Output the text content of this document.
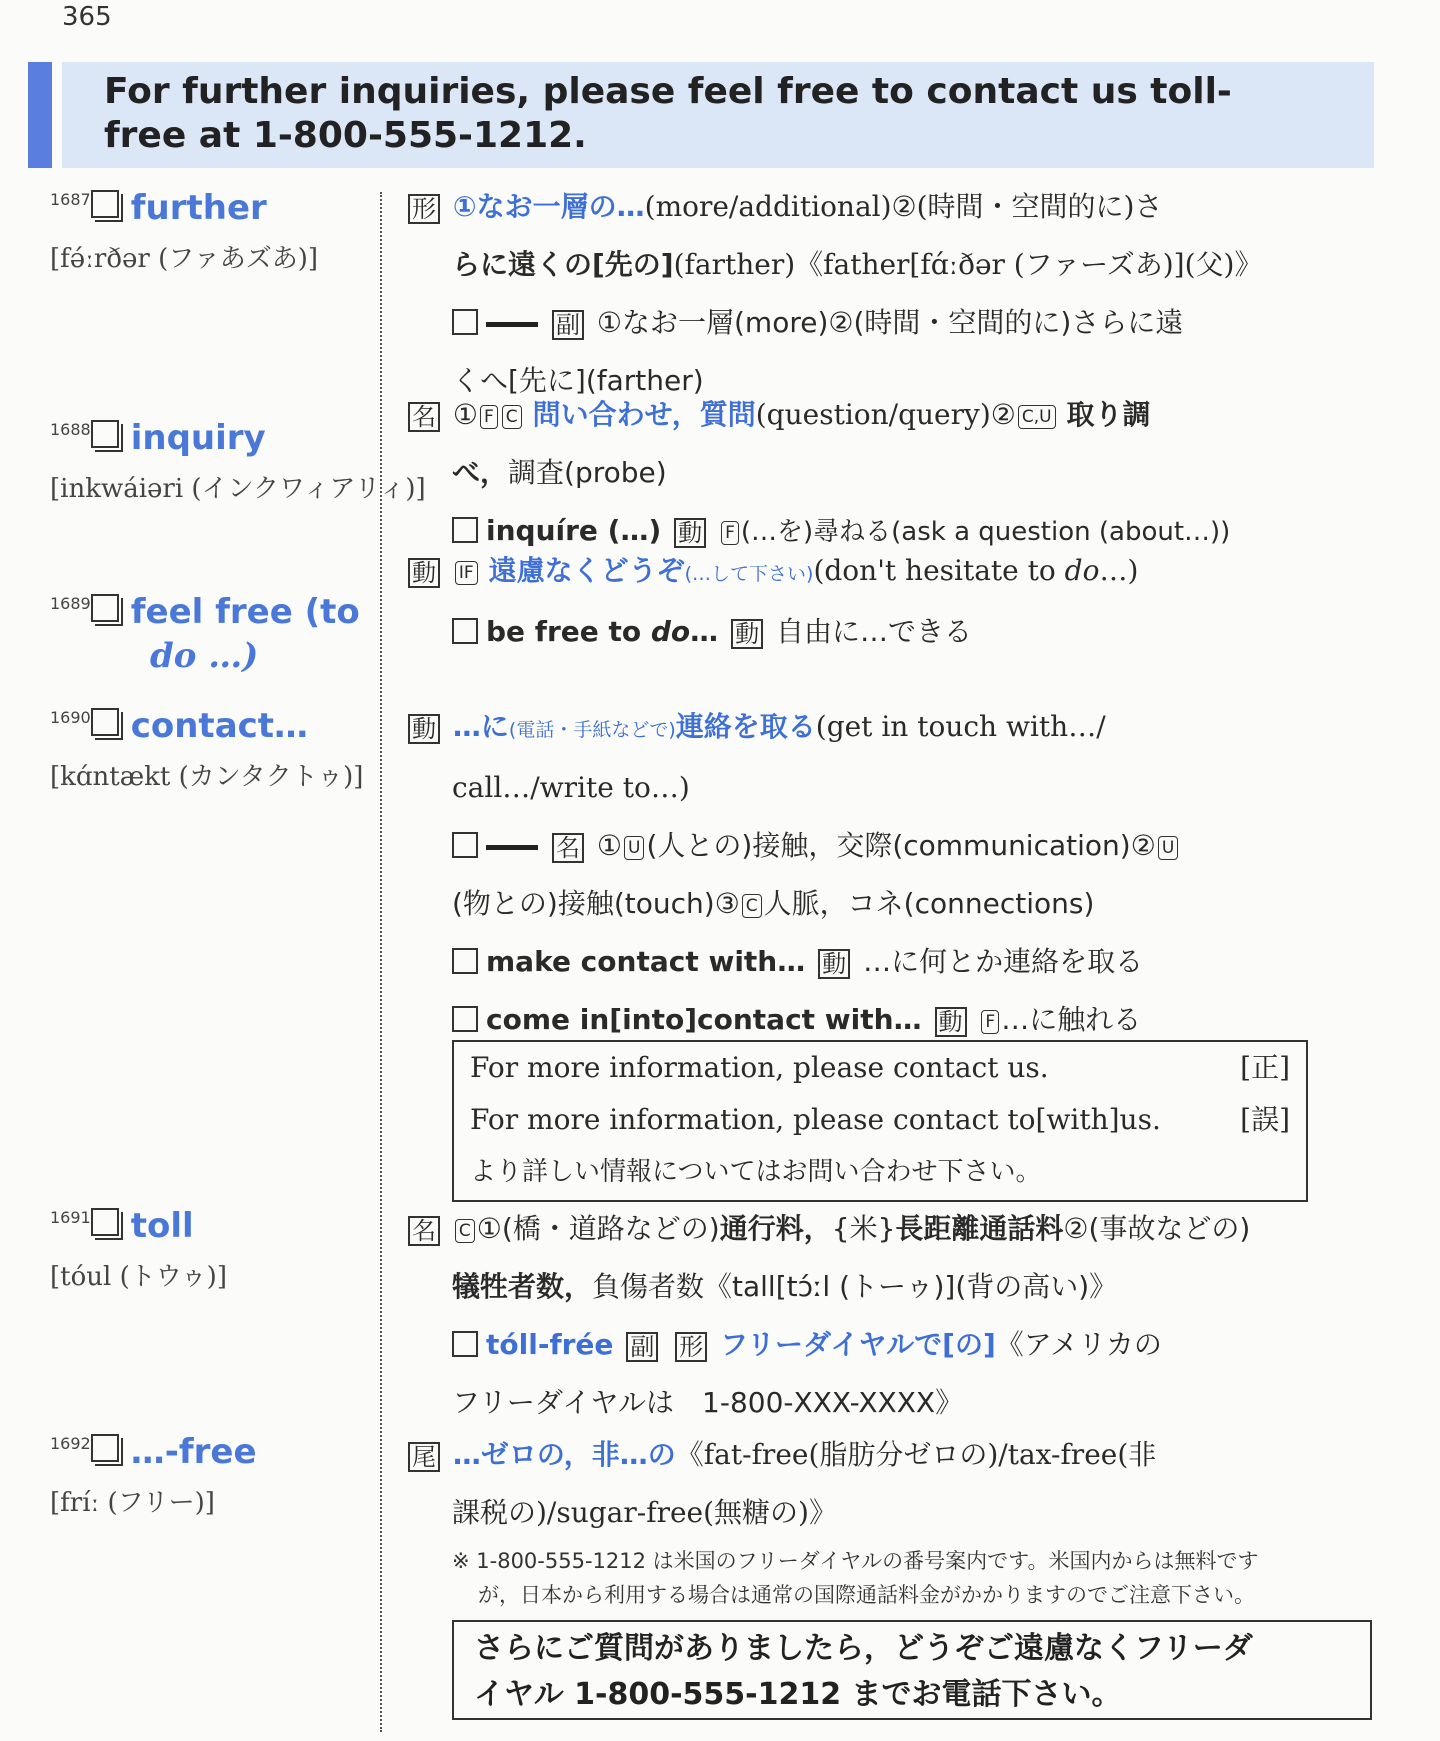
365
For further inquiries, please feel free to contact us toll-free at 1-800-555-1212.
1687 further
[fə́ːrðər (ファあズあ)]
1688 inquiry
[inkwáiəri (インクワィアリィ)]
1689 feel free (to
do …)
1690 contact…
[kɑ́ntækt (カンタクトゥ)]
1691 toll
[tóul (トウゥ)]
1692 …-free
[fríː (フリー)]
形 ①なお一層の…(more/additional)②(時間・空間的に)さ
らに遠くの[先の](farther)《father[fɑ́ːðər (ファーズあ)](父)》
副 ①なお一層(more)②(時間・空間的に)さらに遠
くへ[先に](farther)
名 ① F C 問い合わせ，質問(question/query)② C,U 取り調
べ，調査(probe)
inquíre (…) 動 F (…を)尋ねる(ask a question (about…))
動 IF 遠慮なくどうぞ(…して下さい)(don't hesitate to do…)
be free to do… 動 自由に…できる
動 …に(電話・手紙などで)連絡を取る(get in touch with…/
call…/write to…)
名 ① U (人との)接触，交際(communication)② U
(物との)接触(touch)③ C 人脈，コネ(connections)
make contact with… 動 …に何とか連絡を取る
come in[into]contact with… 動 F …に触れる
For more information, please contact us.	[正]
For more information, please contact to[with]us.	[誤]
より詳しい情報についてはお問い合わせ下さい。
名 C ①(橋・道路などの)通行料，{米}長距離通話料②(事故などの)
犠牲者数，負傷者数《tall[tɔ́ːl (トーゥ)](背の高い)》
tóll-frée 副 形 フリーダイヤルで[の]《アメリカの
フリーダイヤルは　1-800-XXX-XXXX》
尾 …ゼロの，非…の《fat-free(脂肪分ゼロの)/tax-free(非
課税の)/sugar-free(無糖の)》
※ 1-800-555-1212 は米国のフリーダイヤルの番号案内です。米国内からは無料です
が，日本から利用する場合は通常の国際通話料金がかかりますのでご注意下さい。
さらにご質問がありましたら，どうぞご遠慮なくフリーダ
イヤル 1-800-555-1212 までお電話下さい。
